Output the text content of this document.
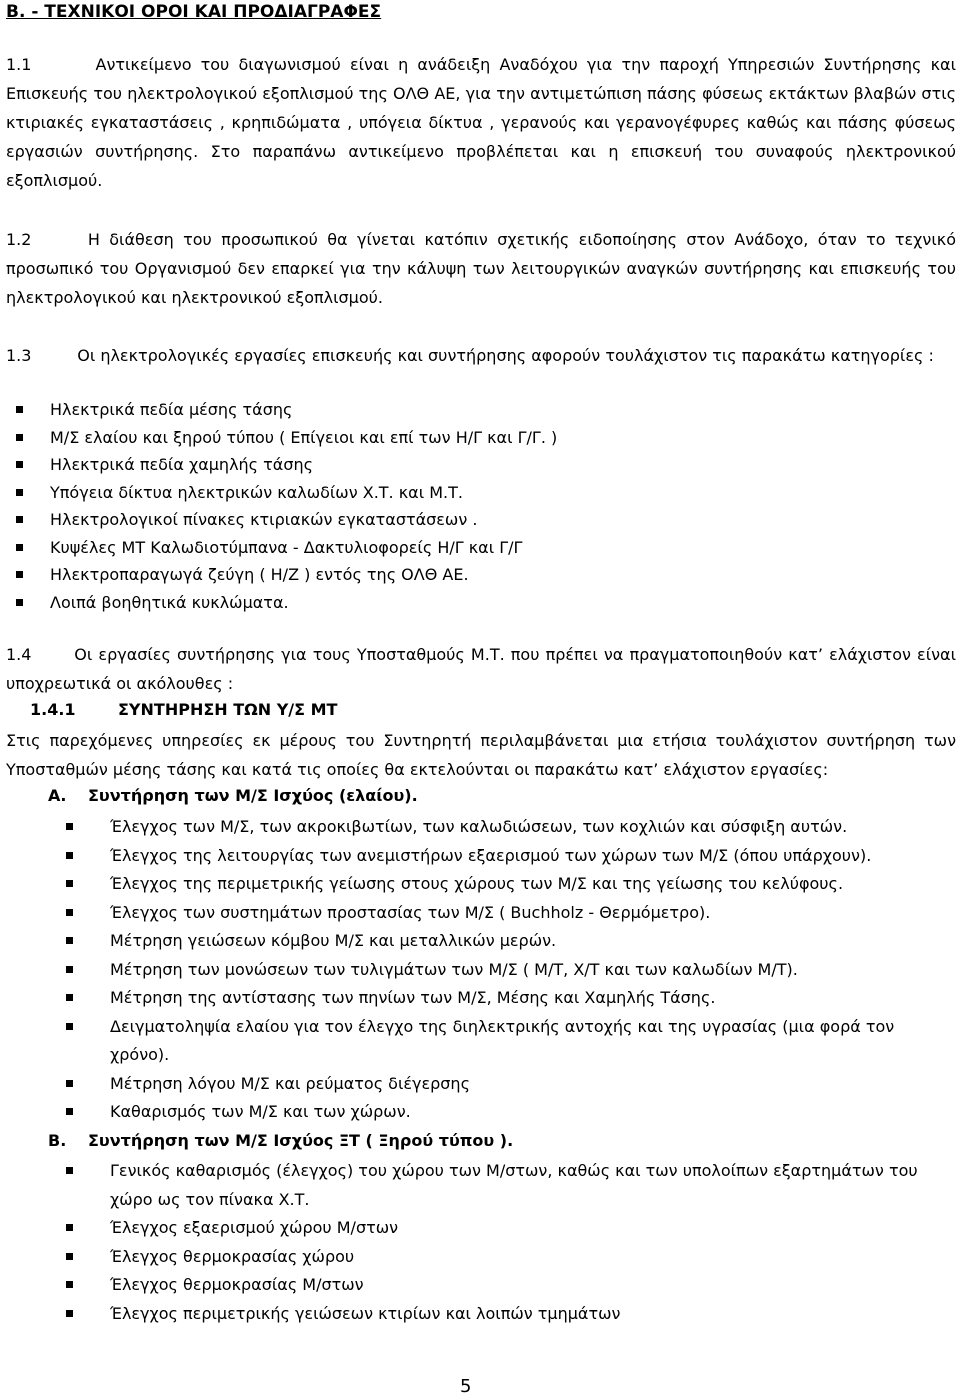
Β. - ΤΕΧΝΙΚΟΙ ΟΡΟΙ ΚΑΙ ΠΡΟΔΙΑΓΡΑΦΕΣ

1.1       Αντικείμενο του διαγωνισμού είναι η ανάδειξη Αναδόχου για την παροχή Υπηρεσιών Συντήρησης και Επισκευής του ηλεκτρολογικού εξοπλισμού της ΟΛΘ ΑΕ, για την αντιμετώπιση πάσης φύσεως εκτάκτων βλαβών στις κτιριακές εγκαταστάσεις , κρηπιδώματα , υπόγεια δίκτυα , γερανούς και γερανογέφυρες καθώς και πάσης φύσεως εργασιών συντήρησης. Στο παραπάνω αντικείμενο προβλέπεται και η επισκευή του συναφούς ηλεκτρονικού εξοπλισμού.

1.2      Η διάθεση του προσωπικού θα γίνεται κατόπιν σχετικής ειδοποίησης στον Ανάδοχο, όταν το τεχνικό προσωπικό του Οργανισμού δεν επαρκεί για την κάλυψη των λειτουργικών αναγκών συντήρησης και επισκευής του ηλεκτρολογικού και ηλεκτρονικού εξοπλισμού.

1.3         Οι ηλεκτρολογικές εργασίες επισκευής και συντήρησης αφορούν τουλάχιστον τις παρακάτω κατηγορίες :

Ηλεκτρικά πεδία μέσης τάσης
Μ/Σ ελαίου και ξηρού τύπου ( Επίγειοι και επί των Η/Γ και Γ/Γ. )
Ηλεκτρικά πεδία χαμηλής τάσης
Υπόγεια δίκτυα ηλεκτρικών καλωδίων Χ.Τ. και Μ.Τ.
Ηλεκτρολογικοί πίνακες κτιριακών εγκαταστάσεων .
Κυψέλες ΜΤ Καλωδιοτύμπανα - Δακτυλιοφορείς Η/Γ και Γ/Γ
Ηλεκτροπαραγωγά ζεύγη ( Η/Ζ ) εντός της ΟΛΘ ΑΕ.
Λοιπά βοηθητικά κυκλώματα.

1.4       Οι εργασίες συντήρησης για τους Υποσταθμούς Μ.Τ. που πρέπει να πραγματοποιηθούν κατ’ ελάχιστον είναι υποχρεωτικά οι ακόλουθες :

1.4.1	ΣΥΝΤΗΡΗΣΗ ΤΩΝ Υ/Σ ΜΤ

Στις παρεχόμενες υπηρεσίες εκ μέρους του Συντηρητή περιλαμβάνεται μια ετήσια τουλάχιστον συντήρηση των Υποσταθμών μέσης τάσης και κατά τις οποίες θα εκτελούνται οι παρακάτω κατ’ ελάχιστον εργασίες:

Α. Συντήρηση των Μ/Σ Ισχύος (ελαίου).
Έλεγχος των Μ/Σ, των ακροκιβωτίων, των καλωδιώσεων, των κοχλιών και σύσφιξη αυτών.
Έλεγχος της λειτουργίας των ανεμιστήρων εξαερισμού των χώρων των Μ/Σ (όπου υπάρχουν).
Έλεγχος της περιμετρικής γείωσης στους χώρους των Μ/Σ και της γείωσης του κελύφους.
Έλεγχος των συστημάτων προστασίας των Μ/Σ ( Buchholz - Θερμόμετρο).
Μέτρηση γειώσεων κόμβου Μ/Σ και μεταλλικών μερών.
Μέτρηση των μονώσεων των τυλιγμάτων των Μ/Σ ( Μ/Τ, Χ/Τ και των καλωδίων Μ/Τ).
Μέτρηση της αντίστασης των πηνίων των Μ/Σ, Μέσης και Χαμηλής Τάσης.
Δειγματοληψία ελαίου για τον έλεγχο της διηλεκτρικής αντοχής και της υγρασίας (μια φορά τον χρόνο).
Μέτρηση λόγου Μ/Σ και ρεύματος διέγερσης
Καθαρισμός των Μ/Σ και των χώρων.
Β. Συντήρηση των Μ/Σ Ισχύος ΞΤ ( Ξηρού τύπου ).
Γενικός καθαρισμός (έλεγχος) του χώρου των Μ/στων, καθώς και των υπολοίπων εξαρτημάτων του χώρο ως τον πίνακα Χ.Τ.
Έλεγχος εξαερισμού χώρου Μ/στων
Έλεγχος θερμοκρασίας χώρου
Έλεγχος θερμοκρασίας Μ/στων
Έλεγχος περιμετρικής γειώσεων κτιρίων και λοιπών τμημάτων
5
